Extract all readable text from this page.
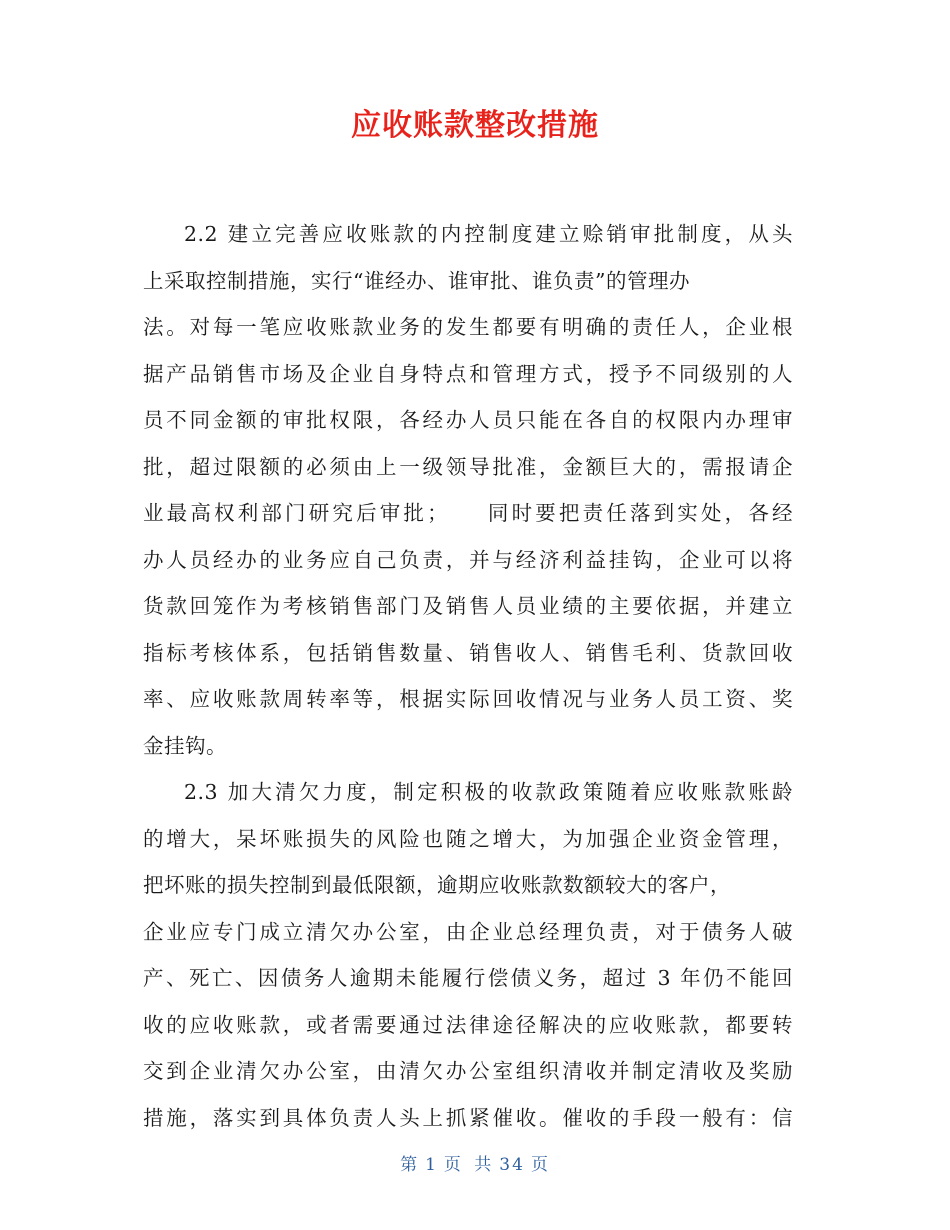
应收账款整改措施
2.2 建立完善应收账款的内控制度建立赊销审批制度，从头
上采取控制措施，实行“谁经办、谁审批、谁负责”的管理办
法。对每一笔应收账款业务的发生都要有明确的责任人，企业根
据产品销售市场及企业自身特点和管理方式，授予不同级别的人
员不同金额的审批权限，各经办人员只能在各自的权限内办理审
批，超过限额的必须由上一级领导批准，金额巨大的，需报请企
业最高权利部门研究后审批；　　同时要把责任落到实处，各经
办人员经办的业务应自己负责，并与经济利益挂钩，企业可以将
货款回笼作为考核销售部门及销售人员业绩的主要依据，并建立
指标考核体系，包括销售数量、销售收人、销售毛利、货款回收
率、应收账款周转率等，根据实际回收情况与业务人员工资、奖
金挂钩。
2.3 加大清欠力度，制定积极的收款政策随着应收账款账龄
的增大，呆坏账损失的风险也随之增大，为加强企业资金管理，
把坏账的损失控制到最低限额，逾期应收账款数额较大的客户，
企业应专门成立清欠办公室，由企业总经理负责，对于债务人破
产、死亡、因债务人逾期未能履行偿债义务，超过 3 年仍不能回
收的应收账款，或者需要通过法律途径解决的应收账款，都要转
交到企业清欠办公室，由清欠办公室组织清收并制定清收及奖励
措施，落实到具体负责人头上抓紧催收。催收的手段一般有：信
第 1 页 共 34 页
